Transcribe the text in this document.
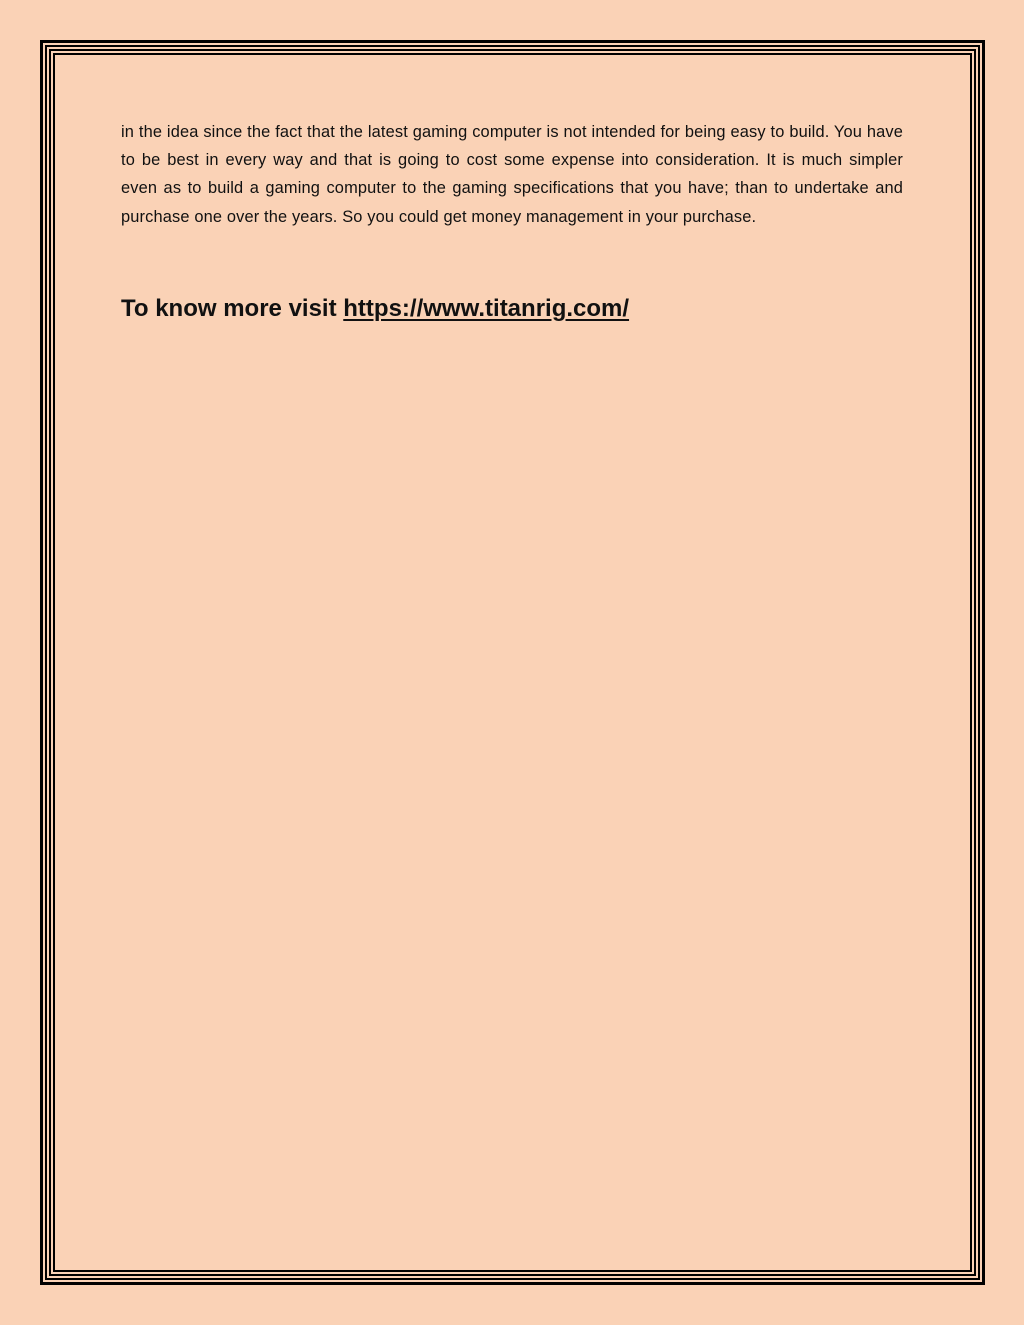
in the idea since the fact that the latest gaming computer is not intended for being easy to build. You have to be best in every way and that is going to cost some expense into consideration. It is much simpler even as to build a gaming computer to the gaming specifications that you have; than to undertake and purchase one over the years. So you could get money management in your purchase.

To know more visit https://www.titanrig.com/
